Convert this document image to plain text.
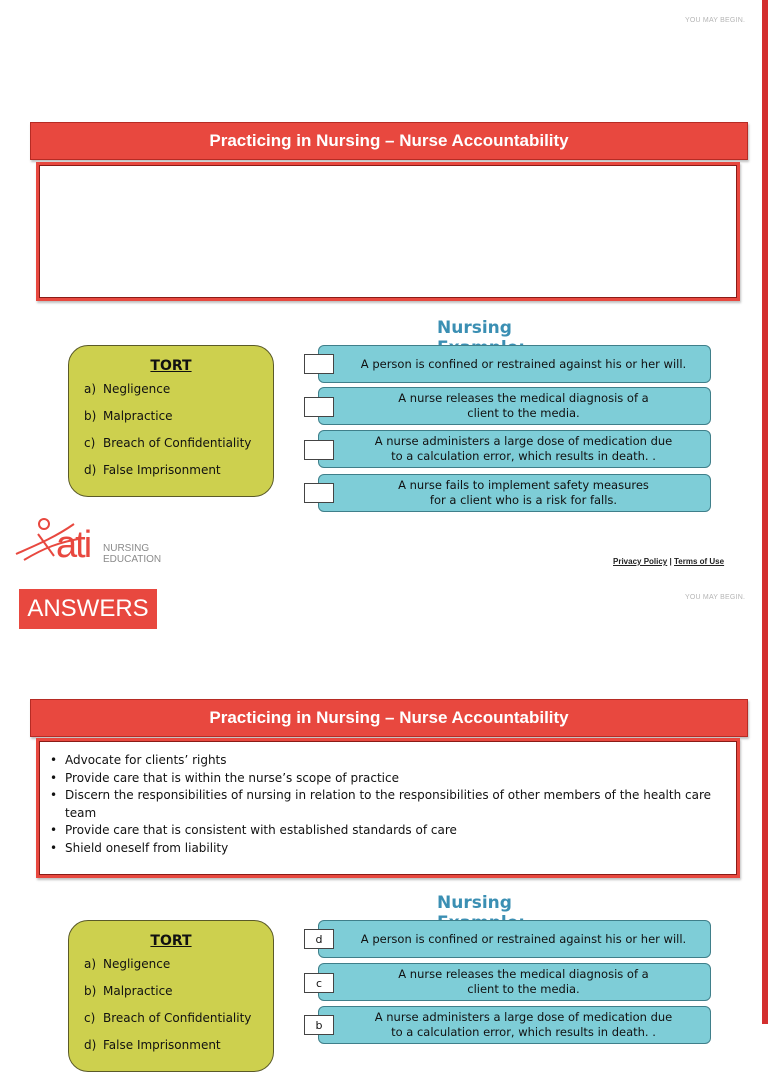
YOU MAY BEGIN.
Practicing in Nursing – Nurse Accountability
Nursing
TORT
a) Negligence
b) Malpractice
c) Breach of Confidentiality
d) False Imprisonment
A person is confined or restrained against his or her will.
A nurse releases the medical diagnosis of a
client to the media.
A nurse administers a large dose of medication due
to a calculation error, which results in death. .
A nurse fails to implement safety measures
for a client who is a risk for falls.
ati NURSING
EDUCATION	Privacy Policy | Terms of Use
ANSWERS	YOU MAY BEGIN.
Practicing in Nursing – Nurse Accountability
• Advocate for clients’ rights
• Provide care that is within the nurse’s scope of practice
• Discern the responsibilities of nursing in relation to the responsibilities of other members of the health care team
• Provide care that is consistent with established standards of care
• Shield oneself from liability
Nursing
TORT
a) Negligence
b) Malpractice
c) Breach of Confidentiality
d) False Imprisonment
A person is confined or restrained against his or her will.
d
A nurse releases the medical diagnosis of a
client to the media.
c
A nurse administers a large dose of medication due
to a calculation error, which results in death. .
b
